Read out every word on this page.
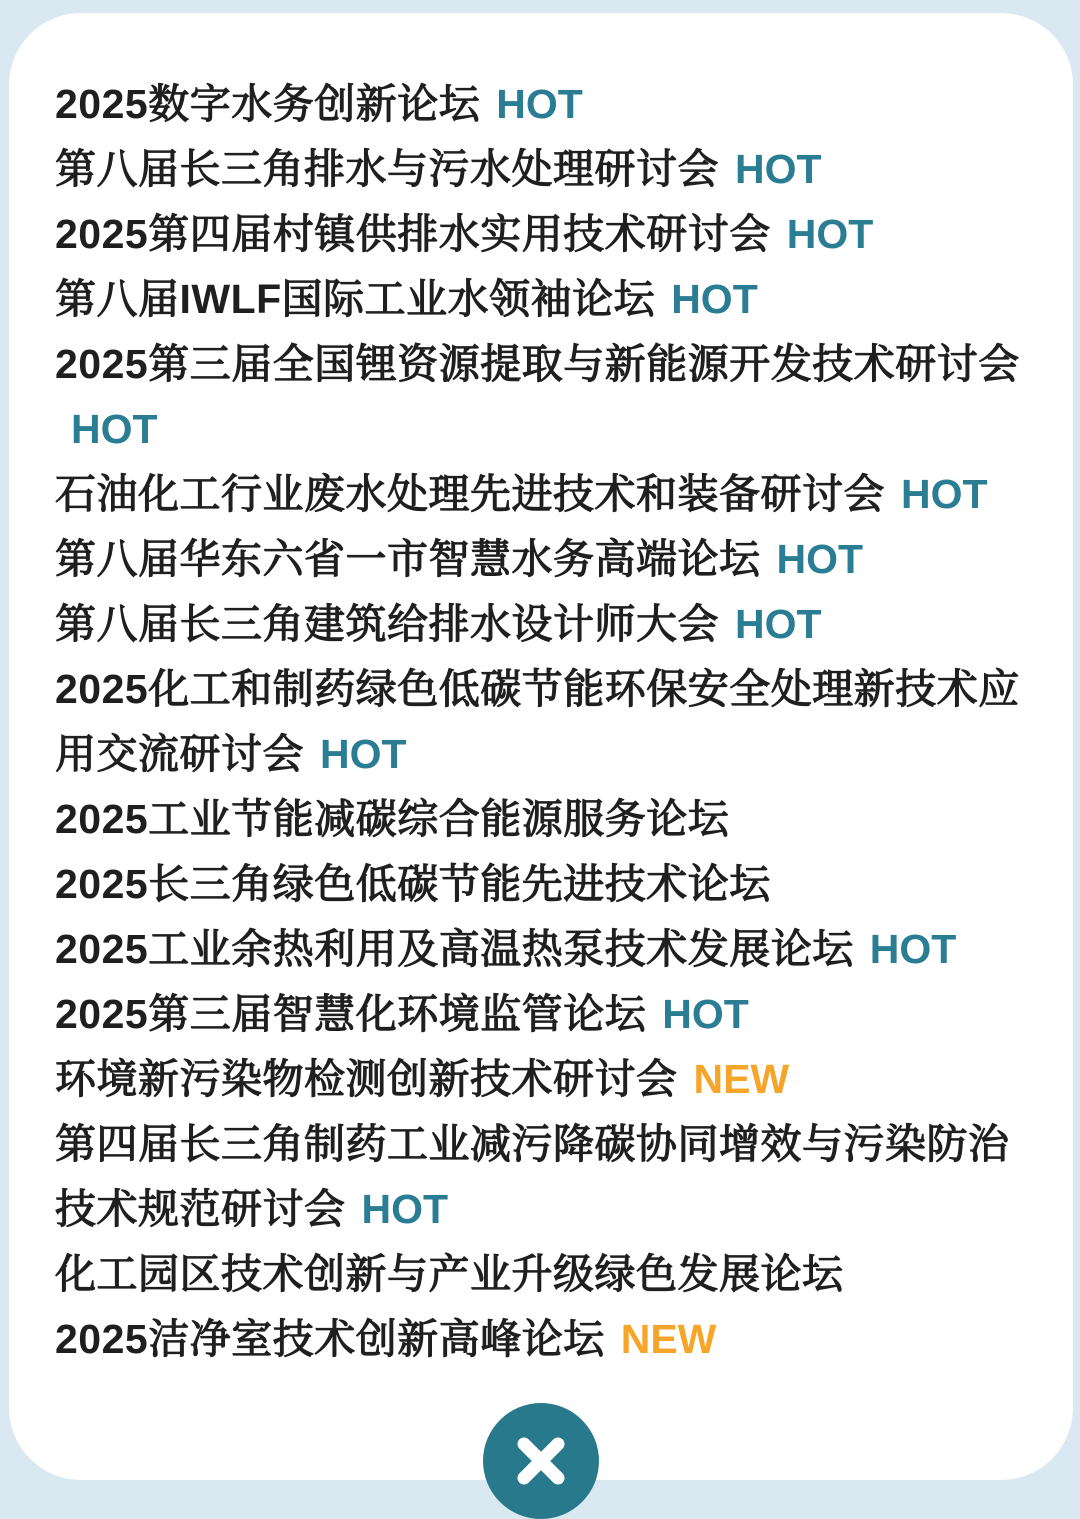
2025数字水务创新论坛 HOT
第八届长三角排水与污水处理研讨会 HOT
2025第四届村镇供排水实用技术研讨会 HOT
第八届IWLF国际工业水领袖论坛 HOT
2025第三届全国锂资源提取与新能源开发技术研讨会HOT
石油化工行业废水处理先进技术和装备研讨会 HOT
第八届华东六省一市智慧水务高端论坛 HOT
第八届长三角建筑给排水设计师大会 HOT
2025化工和制药绿色低碳节能环保安全处理新技术应用交流研讨会 HOT
2025工业节能减碳综合能源服务论坛
2025长三角绿色低碳节能先进技术论坛
2025工业余热利用及高温热泵技术发展论坛 HOT
2025第三届智慧化环境监管论坛 HOT
环境新污染物检测创新技术研讨会 NEW
第四届长三角制药工业减污降碳协同增效与污染防治技术规范研讨会 HOT
化工园区技术创新与产业升级绿色发展论坛
2025洁净室技术创新高峰论坛 NEW
